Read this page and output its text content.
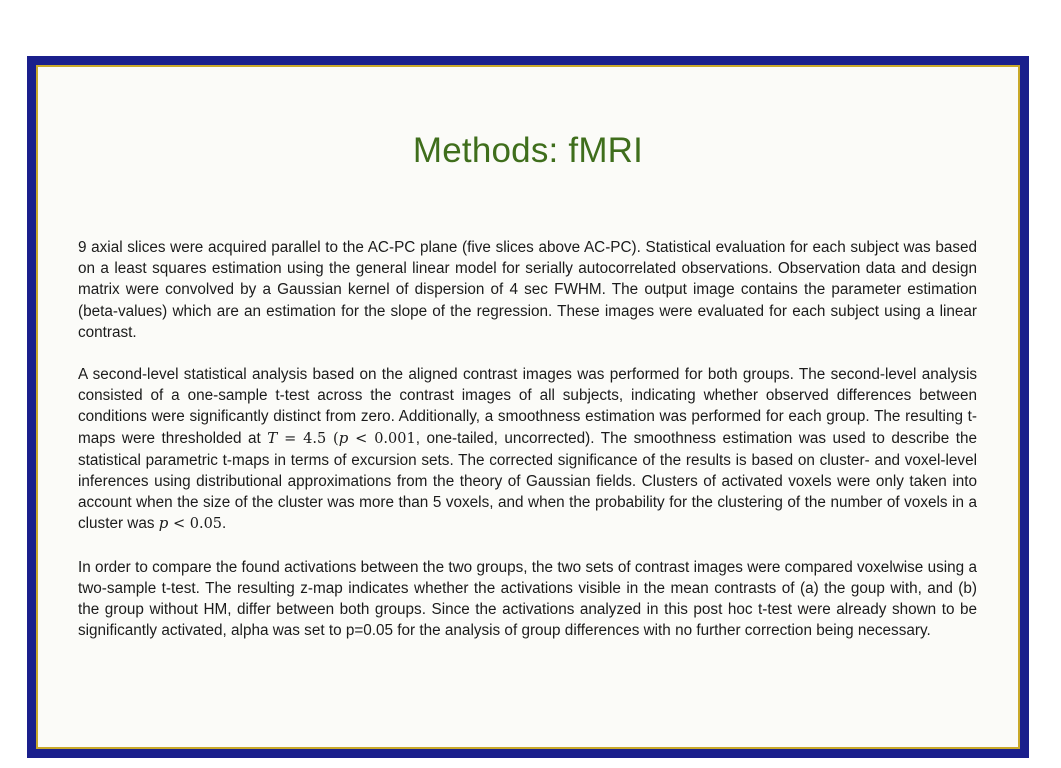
Methods: fMRI

9 axial slices were acquired parallel to the AC-PC plane (five slices above AC-PC). Statistical evaluation for each subject was based on a least squares estimation using the general linear model for serially autocorrelated observations. Observation data and design matrix were convolved by a Gaussian kernel of dispersion of 4 sec FWHM. The output image contains the parameter estimation (beta-values) which are an estimation for the slope of the regression. These images were evaluated for each subject using a linear contrast.

A second-level statistical analysis based on the aligned contrast images was performed for both groups. The second-level analysis consisted of a one-sample t-test across the contrast images of all subjects, indicating whether observed differences between conditions were significantly distinct from zero. Additionally, a smoothness estimation was performed for each group. The resulting t-maps were thresholded at T = 4.5 (p < 0.001, one-tailed, uncorrected). The smoothness estimation was used to describe the statistical parametric t-maps in terms of excursion sets. The corrected significance of the results is based on cluster- and voxel-level inferences using distributional approximations from the theory of Gaussian fields. Clusters of activated voxels were only taken into account when the size of the cluster was more than 5 voxels, and when the probability for the clustering of the number of voxels in a cluster was p < 0.05.

In order to compare the found activations between the two groups, the two sets of contrast images were compared voxelwise using a two-sample t-test. The resulting z-map indicates whether the activations visible in the mean contrasts of (a) the goup with, and (b) the group without HM, differ between both groups. Since the activations analyzed in this post hoc t-test were already shown to be significantly activated, alpha was set to p=0.05 for the analysis of group differences with no further correction being necessary.
